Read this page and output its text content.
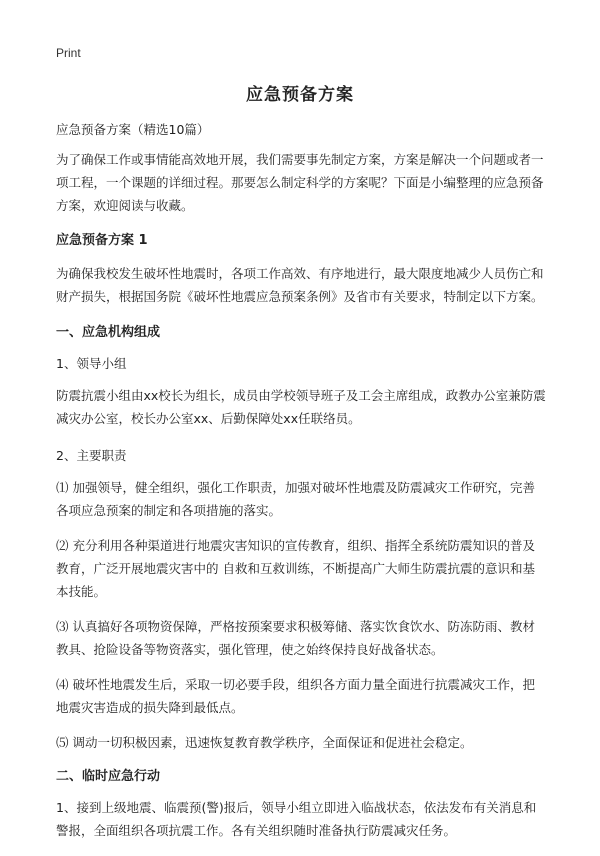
Print
应急预备方案

应急预备方案（精选10篇）

为了确保工作或事情能高效地开展，我们需要事先制定方案，方案是解决一个问题或者一项工程，一个课题的详细过程。那要怎么制定科学的方案呢？下面是小编整理的应急预备方案，欢迎阅读与收藏。

应急预备方案 1

为确保我校发生破坏性地震时，各项工作高效、有序地进行，最大限度地减少人员伤亡和财产损失，根据国务院《破坏性地震应急预案条例》及省市有关要求，特制定以下方案。

一、应急机构组成

1、领导小组

防震抗震小组由xx校长为组长，成员由学校领导班子及工会主席组成，政教办公室兼防震减灾办公室，校长办公室xx、后勤保障处xx任联络员。

2、主要职责

⑴ 加强领导，健全组织，强化工作职责，加强对破坏性地震及防震减灾工作研究，完善各项应急预案的制定和各项措施的落实。

⑵ 充分利用各种渠道进行地震灾害知识的宣传教育，组织、指挥全系统防震知识的普及教育，广泛开展地震灾害中的 自救和互救训练，不断提高广大师生防震抗震的意识和基本技能。

⑶ 认真搞好各项物资保障，严格按预案要求积极筹储、落实饮食饮水、防冻防雨、教材教具、抢险设备等物资落实，强化管理，使之始终保持良好战备状态。

⑷ 破坏性地震发生后，采取一切必要手段，组织各方面力量全面进行抗震减灾工作，把地震灾害造成的损失降到最低点。

⑸ 调动一切积极因素，迅速恢复教育教学秩序，全面保证和促进社会稳定。

二、临时应急行动

1、接到上级地震、临震预(警)报后，领导小组立即进入临战状态，依法发布有关消息和警报，全面组织各项抗震工作。各有关组织随时准备执行防震减灾任务。
